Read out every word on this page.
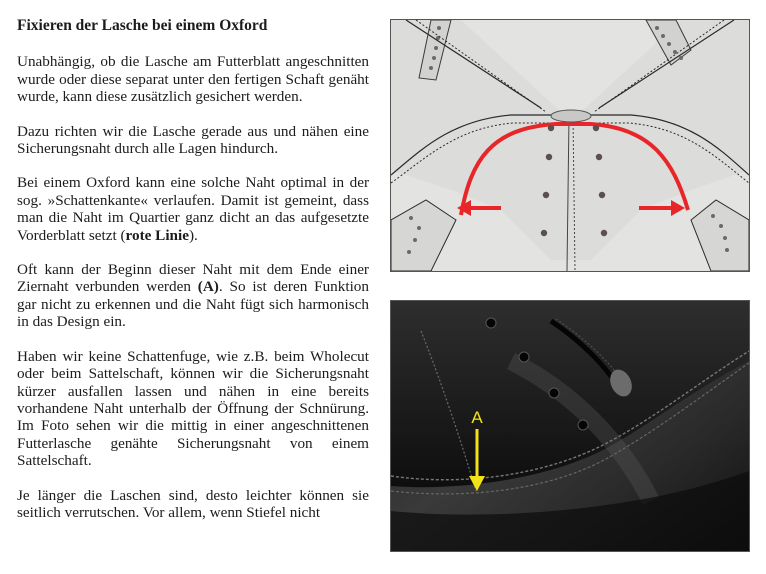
Fixieren der Lasche bei einem Oxford

Unabhängig, ob die Lasche am Futterblatt angeschnitten wurde oder diese separat unter den fertigen Schaft genäht wurde, kann diese zusätzlich gesichert werden.

Dazu richten wir die Lasche gerade aus und nähen eine Sicherungsnaht durch alle Lagen hindurch.

Bei einem Oxford kann eine solche Naht optimal in der sog. »Schattenkante« verlaufen. Damit ist gemeint, dass man die Naht im Quartier ganz dicht an das aufgesetzte Vorderblatt setzt (rote Linie).

Oft kann der Beginn dieser Naht mit dem Ende einer Ziernaht verbunden werden (A). So ist deren Funktion gar nicht zu erkennen und die Naht fügt sich harmonisch in das Design ein.

Haben wir keine Schattenfuge, wie z.B. beim Wholecut oder beim Sattelschaft, können wir die Sicherungsnaht kürzer ausfallen lassen und nähen in eine bereits vorhandene Naht unterhalb der Öffnung der Schnürung. Im Foto sehen wir die mittig in einer angeschnittenen Futterlasche genähte Sicherungsnaht von einem Sattelschaft.

Je länger die Laschen sind, desto leichter können sie seitlich verrutschen. Vor allem, wenn Stiefel nicht

A
